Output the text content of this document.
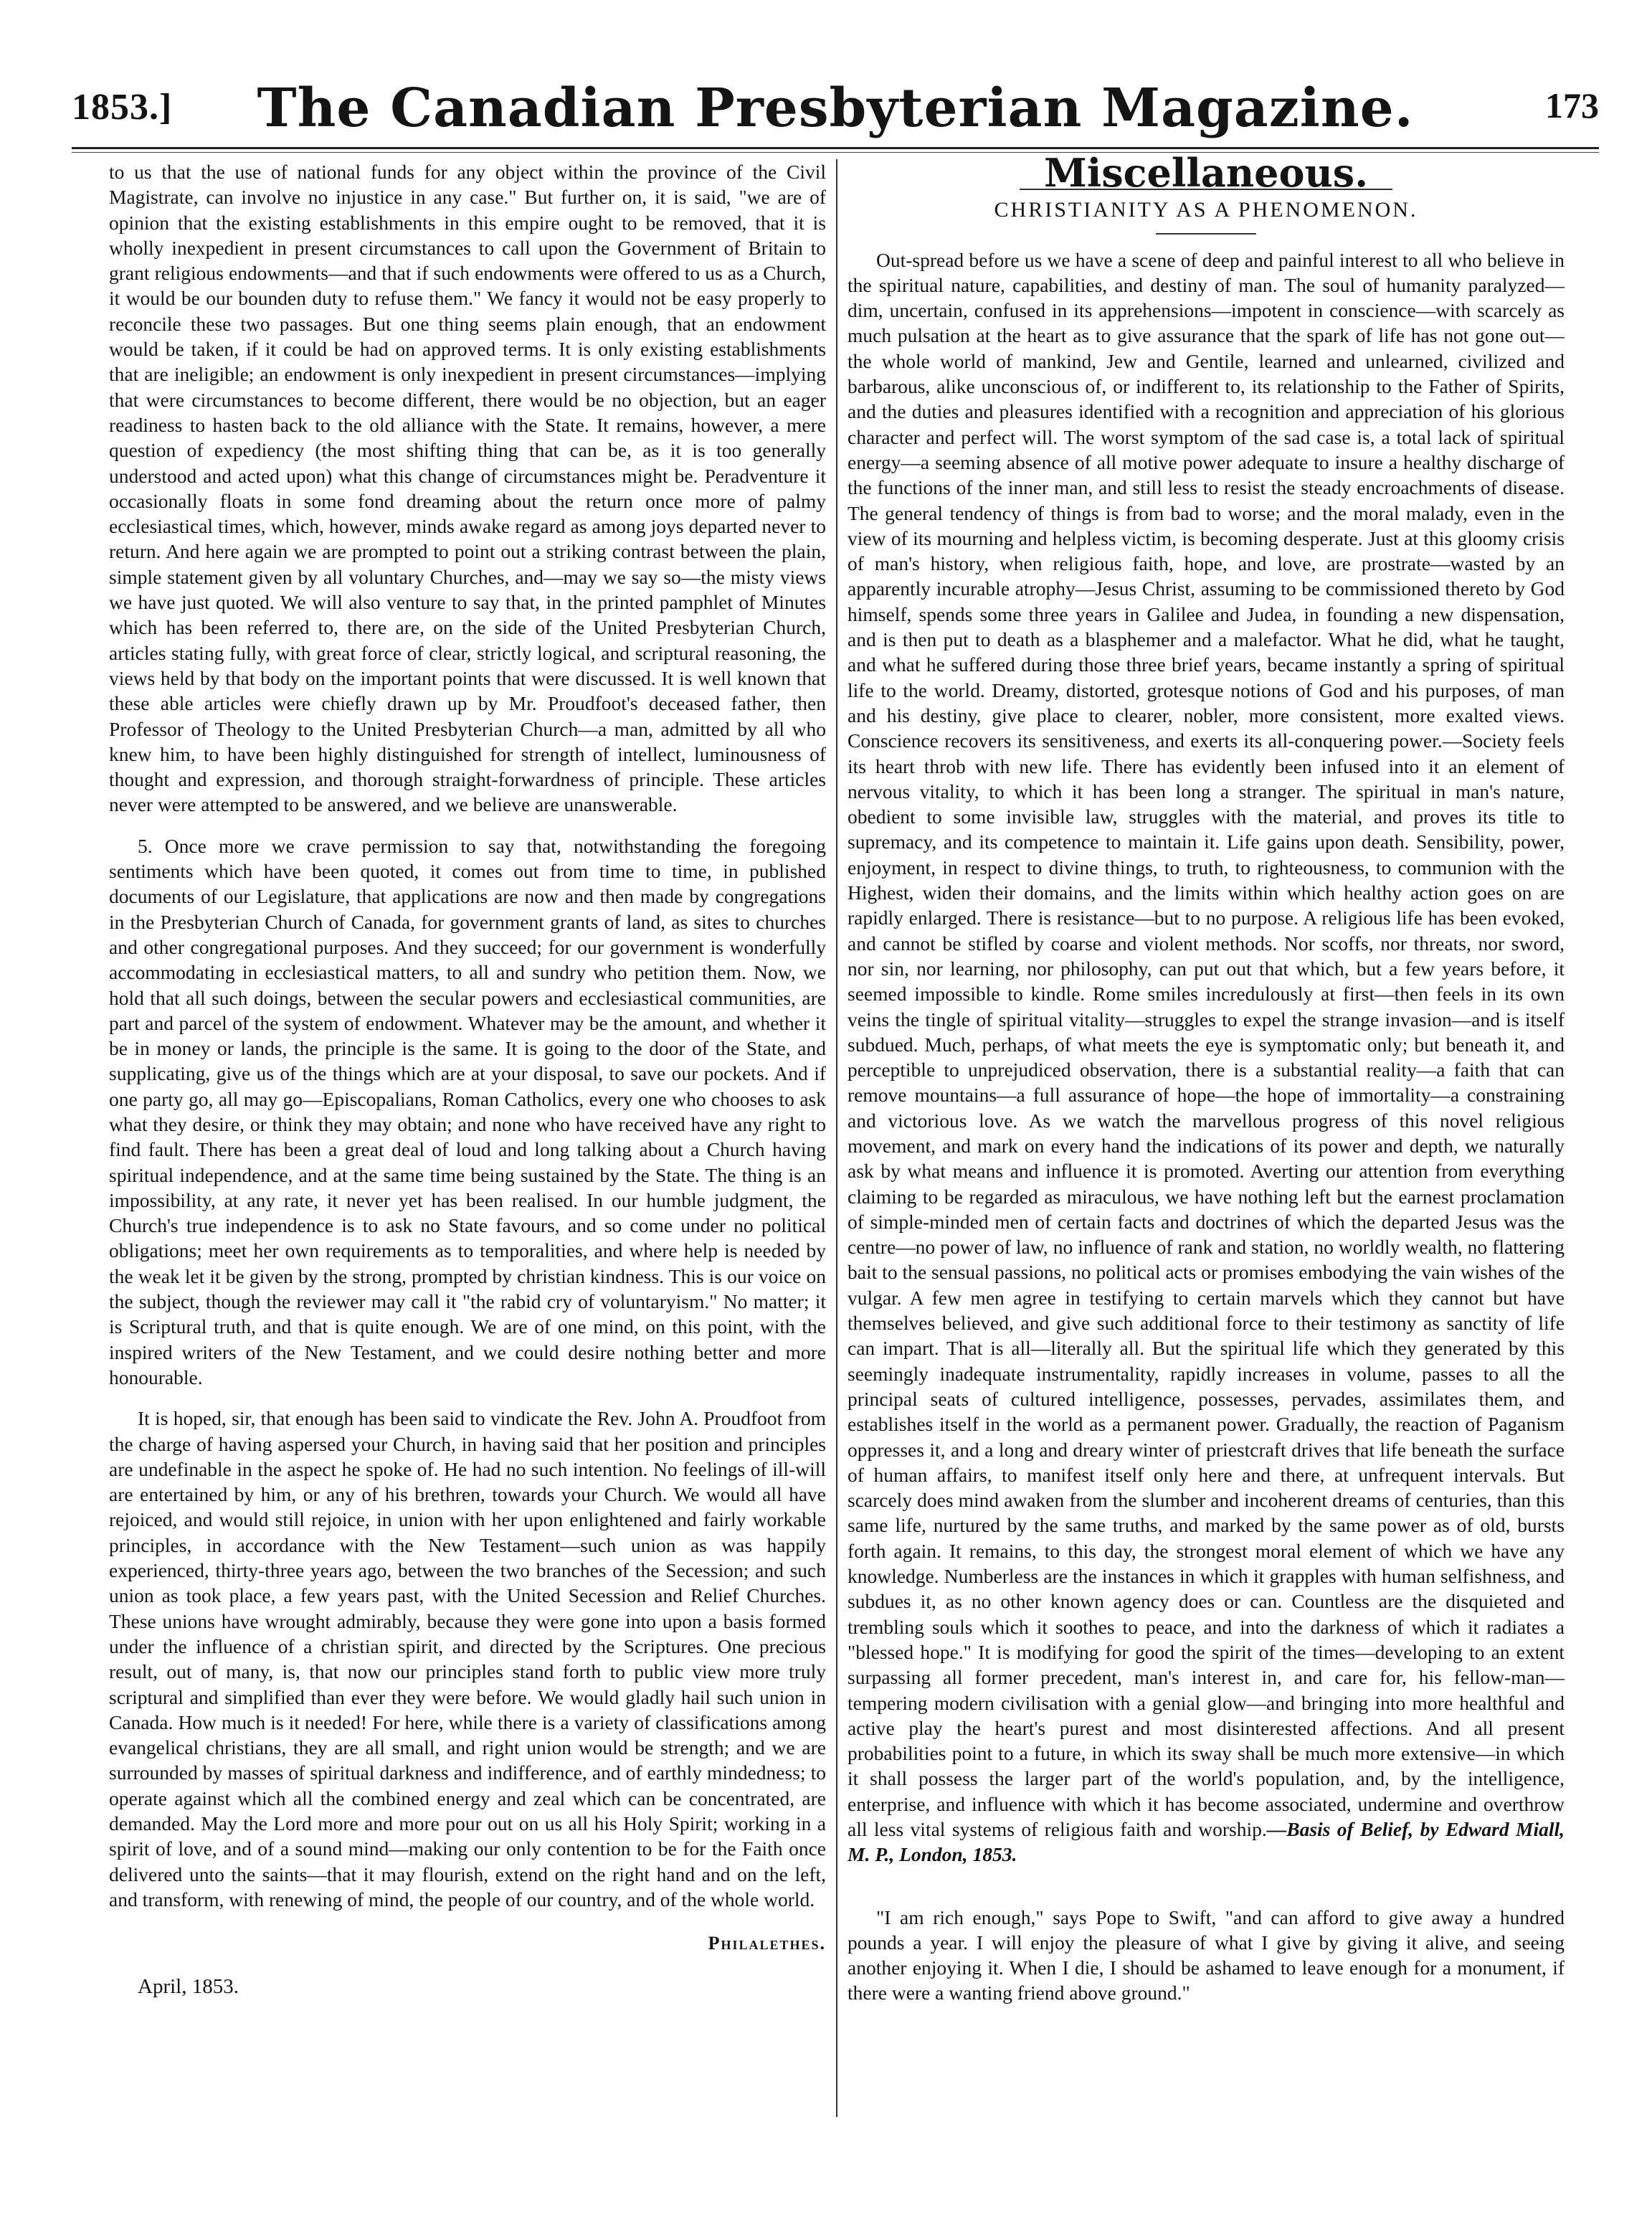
1853.]	The Canadian Presbyterian Magazine.	173

to us that the use of national funds for any object within the province of the Civil Magistrate, can involve no injustice in any case." But further on, it is said, "we are of opinion that the existing establishments in this empire ought to be removed, that it is wholly inexpedient in present circumstances to call upon the Government of Britain to grant religious endowments—and that if such endowments were offered to us as a Church, it would be our bounden duty to refuse them." We fancy it would not be easy properly to reconcile these two passages. But one thing seems plain enough, that an endowment would be taken, if it could be had on approved terms. It is only existing establishments that are ineligible; an endowment is only inexpedient in present circumstances—implying that were circumstances to become different, there would be no objection, but an eager readiness to hasten back to the old alliance with the State. It remains, however, a mere question of expediency (the most shifting thing that can be, as it is too generally understood and acted upon) what this change of circumstances might be. Peradventure it occasionally floats in some fond dreaming about the return once more of palmy ecclesiastical times, which, however, minds awake regard as among joys departed never to return. And here again we are prompted to point out a striking contrast between the plain, simple statement given by all voluntary Churches, and—may we say so—the misty views we have just quoted. We will also venture to say that, in the printed pamphlet of Minutes which has been referred to, there are, on the side of the United Presbyterian Church, articles stating fully, with great force of clear, strictly logical, and scriptural reasoning, the views held by that body on the important points that were discussed. It is well known that these able articles were chiefly drawn up by Mr. Proudfoot's deceased father, then Professor of Theology to the United Presbyterian Church—a man, admitted by all who knew him, to have been highly distinguished for strength of intellect, luminousness of thought and expression, and thorough straight-forwardness of principle. These articles never were attempted to be answered, and we believe are unanswerable.

5. Once more we crave permission to say that, notwithstanding the foregoing sentiments which have been quoted, it comes out from time to time, in published documents of our Legislature, that applications are now and then made by congregations in the Presbyterian Church of Canada, for government grants of land, as sites to churches and other congregational purposes. And they succeed; for our government is wonderfully accommodating in ecclesiastical matters, to all and sundry who petition them. Now, we hold that all such doings, between the secular powers and ecclesiastical communities, are part and parcel of the system of endowment. Whatever may be the amount, and whether it be in money or lands, the principle is the same. It is going to the door of the State, and supplicating, give us of the things which are at your disposal, to save our pockets. And if one party go, all may go—Episcopalians, Roman Catholics, every one who chooses to ask what they desire, or think they may obtain; and none who have received have any right to find fault. There has been a great deal of loud and long talking about a Church having spiritual independence, and at the same time being sustained by the State. The thing is an impossibility, at any rate, it never yet has been realised. In our humble judgment, the Church's true independence is to ask no State favours, and so come under no political obligations; meet her own requirements as to temporalities, and where help is needed by the weak let it be given by the strong, prompted by christian kindness. This is our voice on the subject, though the reviewer may call it "the rabid cry of voluntaryism." No matter; it is Scriptural truth, and that is quite enough. We are of one mind, on this point, with the inspired writers of the New Testament, and we could desire nothing better and more honourable.

It is hoped, sir, that enough has been said to vindicate the Rev. John A. Proudfoot from the charge of having aspersed your Church, in having said that her position and principles are undefinable in the aspect he spoke of. He had no such intention. No feelings of ill-will are entertained by him, or any of his brethren, towards your Church. We would all have rejoiced, and would still rejoice, in union with her upon enlightened and fairly workable principles, in accordance with the New Testament—such union as was happily experienced, thirty-three years ago, between the two branches of the Secession; and such union as took place, a few years past, with the United Secession and Relief Churches. These unions have wrought admirably, because they were gone into upon a basis formed under the influence of a christian spirit, and directed by the Scriptures. One precious result, out of many, is, that now our principles stand forth to public view more truly scriptural and simplified than ever they were before. We would gladly hail such union in Canada. How much is it needed! For here, while there is a variety of classifications among evangelical christians, they are all small, and right union would be strength; and we are surrounded by masses of spiritual darkness and indifference, and of earthly mindedness; to operate against which all the combined energy and zeal which can be concentrated, are demanded. May the Lord more and more pour out on us all his Holy Spirit; working in a spirit of love, and of a sound mind—making our only contention to be for the Faith once delivered unto the saints—that it may flourish, extend on the right hand and on the left, and transform, with renewing of mind, the people of our country, and of the whole world.

Philalethes.

April, 1853.

Miscellaneous.
CHRISTIANITY AS A PHENOMENON.

Out-spread before us we have a scene of deep and painful interest to all who believe in the spiritual nature, capabilities, and destiny of man. The soul of humanity paralyzed—dim, uncertain, confused in its apprehensions—impotent in conscience—with scarcely as much pulsation at the heart as to give assurance that the spark of life has not gone out—the whole world of mankind, Jew and Gentile, learned and unlearned, civilized and barbarous, alike unconscious of, or indifferent to, its relationship to the Father of Spirits, and the duties and pleasures identified with a recognition and appreciation of his glorious character and perfect will. The worst symptom of the sad case is, a total lack of spiritual energy—a seeming absence of all motive power adequate to insure a healthy discharge of the functions of the inner man, and still less to resist the steady encroachments of disease. The general tendency of things is from bad to worse; and the moral malady, even in the view of its mourning and helpless victim, is becoming desperate. Just at this gloomy crisis of man's history, when religious faith, hope, and love, are prostrate—wasted by an apparently incurable atrophy—Jesus Christ, assuming to be commissioned thereto by God himself, spends some three years in Galilee and Judea, in founding a new dispensation, and is then put to death as a blasphemer and a malefactor. What he did, what he taught, and what he suffered during those three brief years, became instantly a spring of spiritual life to the world. Dreamy, distorted, grotesque notions of God and his purposes, of man and his destiny, give place to clearer, nobler, more consistent, more exalted views. Conscience recovers its sensitiveness, and exerts its all-conquering power.—Society feels its heart throb with new life. There has evidently been infused into it an element of nervous vitality, to which it has been long a stranger. The spiritual in man's nature, obedient to some invisible law, struggles with the material, and proves its title to supremacy, and its competence to maintain it. Life gains upon death. Sensibility, power, enjoyment, in respect to divine things, to truth, to righteousness, to communion with the Highest, widen their domains, and the limits within which healthy action goes on are rapidly enlarged. There is resistance—but to no purpose. A religious life has been evoked, and cannot be stifled by coarse and violent methods. Nor scoffs, nor threats, nor sword, nor sin, nor learning, nor philosophy, can put out that which, but a few years before, it seemed impossible to kindle. Rome smiles incredulously at first—then feels in its own veins the tingle of spiritual vitality—struggles to expel the strange invasion—and is itself subdued. Much, perhaps, of what meets the eye is symptomatic only; but beneath it, and perceptible to unprejudiced observation, there is a substantial reality—a faith that can remove mountains—a full assurance of hope—the hope of immortality—a constraining and victorious love. As we watch the marvellous progress of this novel religious movement, and mark on every hand the indications of its power and depth, we naturally ask by what means and influence it is promoted. Averting our attention from everything claiming to be regarded as miraculous, we have nothing left but the earnest proclamation of simple-minded men of certain facts and doctrines of which the departed Jesus was the centre—no power of law, no influence of rank and station, no worldly wealth, no flattering bait to the sensual passions, no political acts or promises embodying the vain wishes of the vulgar. A few men agree in testifying to certain marvels which they cannot but have themselves believed, and give such additional force to their testimony as sanctity of life can impart. That is all—literally all. But the spiritual life which they generated by this seemingly inadequate instrumentality, rapidly increases in volume, passes to all the principal seats of cultured intelligence, possesses, pervades, assimilates them, and establishes itself in the world as a permanent power. Gradually, the reaction of Paganism oppresses it, and a long and dreary winter of priestcraft drives that life beneath the surface of human affairs, to manifest itself only here and there, at unfrequent intervals. But scarcely does mind awaken from the slumber and incoherent dreams of centuries, than this same life, nurtured by the same truths, and marked by the same power as of old, bursts forth again. It remains, to this day, the strongest moral element of which we have any knowledge. Numberless are the instances in which it grapples with human selfishness, and subdues it, as no other known agency does or can. Countless are the disquieted and trembling souls which it soothes to peace, and into the darkness of which it radiates a "blessed hope." It is modifying for good the spirit of the times—developing to an extent surpassing all former precedent, man's interest in, and care for, his fellow-man—tempering modern civilisation with a genial glow—and bringing into more healthful and active play the heart's purest and most disinterested affections. And all present probabilities point to a future, in which its sway shall be much more extensive—in which it shall possess the larger part of the world's population, and, by the intelligence, enterprise, and influence with which it has become associated, undermine and overthrow all less vital systems of religious faith and worship.—Basis of Belief, by Edward Miall, M. P., London, 1853.

"I am rich enough," says Pope to Swift, "and can afford to give away a hundred pounds a year. I will enjoy the pleasure of what I give by giving it alive, and seeing another enjoying it. When I die, I should be ashamed to leave enough for a monument, if there were a wanting friend above ground."
